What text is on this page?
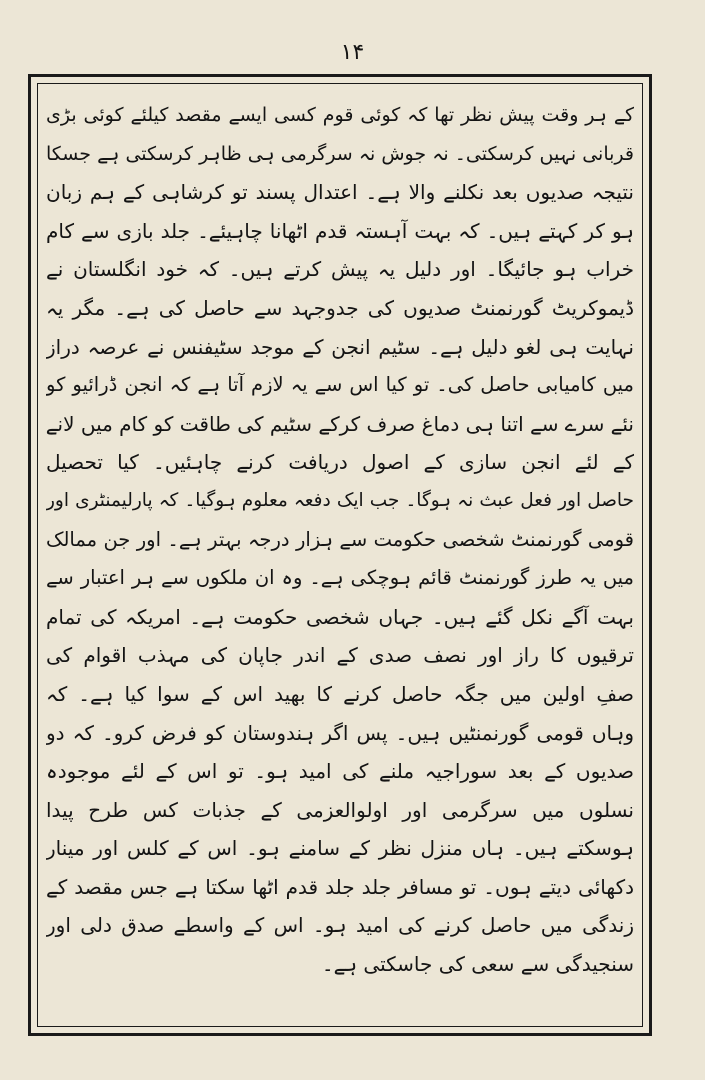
۱۴
کے ہر وقت پیش نظر تھا کہ کوئی قوم کسی ایسے مقصد کیلئے کوئی بڑی
قربانی نہیں کرسکتی۔ نہ جوش نہ سرگرمی ہی ظاہر کرسکتی ہے جسکا
نتیجہ صدیوں بعد نکلنے والا ہے۔ اعتدال پسند تو کرشاہی کے ہم زبان
ہو کر کہتے ہیں۔ کہ بہت آہستہ قدم اٹھانا چاہیئے۔ جلد بازی سے کام
خراب ہو جائیگا۔ اور دلیل یہ پیش کرتے ہیں۔ کہ خود انگلستان نے
ڈیموکریٹ گورنمنٹ صدیوں کی جدوجہد سے حاصل کی ہے۔ مگر یہ
نہایت ہی لغو دلیل ہے۔ سٹیم انجن کے موجد سٹیفنس نے عرصہ دراز
میں کامیابی حاصل کی۔ تو کیا اس سے یہ لازم آتا ہے کہ انجن ڈرائیو کو
نئے سرے سے اتنا ہی دماغ صرف کرکے سٹیم کی طاقت کو کام میں لانے
کے لئے انجن سازی کے اصول دریافت کرنے چاہئیں۔ کیا تحصیل
حاصل اور فعل عبث نہ ہوگا۔ جب ایک دفعہ معلوم ہوگیا۔ کہ پارلیمنٹری اور
قومی گورنمنٹ شخصی حکومت سے ہزار درجہ بہتر ہے۔ اور جن ممالک
میں یہ طرز گورنمنٹ قائم ہوچکی ہے۔ وہ ان ملکوں سے ہر اعتبار سے
بہت آگے نکل گئے ہیں۔ جہاں شخصی حکومت ہے۔ امریکہ کی تمام
ترقیوں کا راز اور نصف صدی کے اندر جاپان کی مہذب اقوام کی
صفِ اولین میں جگہ حاصل کرنے کا بھید اس کے سوا کیا ہے۔ کہ
وہاں قومی گورنمنٹیں ہیں۔ پس اگر ہندوستان کو فرض کرو۔ کہ دو
صدیوں کے بعد سوراجیہ ملنے کی امید ہو۔ تو اس کے لئے موجودہ
نسلوں میں سرگرمی اور اولوالعزمی کے جذبات کس طرح پیدا
ہوسکتے ہیں۔ ہاں منزل نظر کے سامنے ہو۔ اس کے کلس اور مینار
دکھائی دیتے ہوں۔ تو مسافر جلد جلد قدم اٹھا سکتا ہے جس مقصد کے
زندگی میں حاصل کرنے کی امید ہو۔ اس کے واسطے صدق دلی اور
سنجیدگی سے سعی کی جاسکتی ہے۔
